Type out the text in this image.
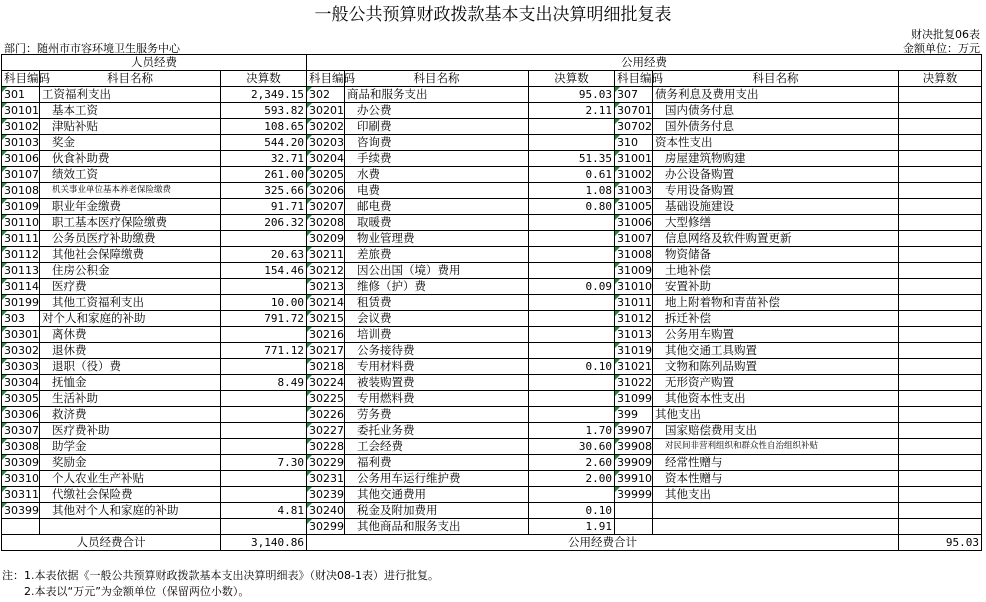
一般公共预算财政拨款基本支出决算明细批复表
财决批复06表
部门：随州市市容环境卫生服务中心	金额单位：万元
人员经费			公用经费					
科目编码	科目名称	决算数	科目编码	科目名称	决算数	科目编码	科目名称	决算数
301	工资福利支出	2,349.15	302	商品和服务支出	95.03	307	债务利息及费用支出	
30101	基本工资	593.82	30201	办公费	2.11	30701	国内债务付息	
30102	津贴补贴	108.65	30202	印刷费		30702	国外债务付息	
30103	奖金	544.20	30203	咨询费		310	资本性支出	
30106	伙食补助费	32.71	30204	手续费	51.35	31001	房屋建筑物购建	
30107	绩效工资	261.00	30205	水费	0.61	31002	办公设备购置	
30108	机关事业单位基本养老保险缴费	325.66	30206	电费	1.08	31003	专用设备购置	
30109	职业年金缴费	91.71	30207	邮电费	0.80	31005	基础设施建设	
30110	职工基本医疗保险缴费	206.32	30208	取暖费		31006	大型修缮	
30111	公务员医疗补助缴费		30209	物业管理费		31007	信息网络及软件购置更新	
30112	其他社会保障缴费	20.63	30211	差旅费		31008	物资储备	
30113	住房公积金	154.46	30212	因公出国（境）费用		31009	土地补偿	
30114	医疗费		30213	维修（护）费	0.09	31010	安置补助	
30199	其他工资福利支出	10.00	30214	租赁费		31011	地上附着物和青苗补偿	
303	对个人和家庭的补助	791.72	30215	会议费		31012	拆迁补偿	
30301	离休费		30216	培训费		31013	公务用车购置	
30302	退休费	771.12	30217	公务接待费		31019	其他交通工具购置	
30303	退职（役）费		30218	专用材料费	0.10	31021	文物和陈列品购置	
30304	抚恤金	8.49	30224	被装购置费		31022	无形资产购置	
30305	生活补助		30225	专用燃料费		31099	其他资本性支出	
30306	救济费		30226	劳务费		399	其他支出	
30307	医疗费补助		30227	委托业务费	1.70	39907	国家赔偿费用支出	
30308	助学金		30228	工会经费	30.60	39908	对民间非营利组织和群众性自治组织补贴	
30309	奖励金	7.30	30229	福利费	2.60	39909	经常性赠与	
30310	个人农业生产补贴		30231	公务用车运行维护费	2.00	39910	资本性赠与	
30311	代缴社会保险费		30239	其他交通费用		39999	其他支出	
30399	其他对个人和家庭的补助	4.81	30240	税金及附加费用	0.10			
			30299	其他商品和服务支出	1.91			
人员经费合计		3,140.86	公用经费合计					95.03
注：1.本表依据《一般公共预算财政拨款基本支出决算明细表》（财决08-1表）进行批复。
2.本表以“万元”为金额单位（保留两位小数）。
